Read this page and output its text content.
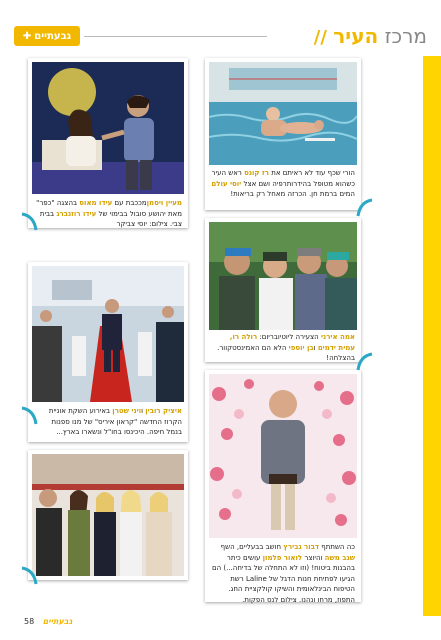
מרכז העיר //
גבעתיים
✚
הורי שכף עוד לא ראיתם את רז קונס ראש העיר כשהוא מטופל בהידרותרפיה ושם אצל יוסי עולם המים ברמת חן. הכרזה מאחל רק בריאות!
מעיין ויסמןמככבת עם עידו מאוס בהצגה "כפר" מאת יהושע סובול בבימוי של עידו רוזנברג בבית צבי. צילום: יוסי צביקר
אמה אירני הצעירה ליוטיובריום: רולה רו, עמית ידמים ובן יוספי הלא הם האמינסטקוור. בהצלחה!
איציק רובין וויני שטרן באירוע השקת אוניית הקרוז החדשה "קראון איריס" של מנו ספנות בנמל חיפה. היכינסו בחו"ל ונשארו בארץ...
כה השתתף דבור גבירץ חושב בבעליים, השף שגב משה והיוצר לואור פלמון עושים כיתר בהבנות ביטוח! (וזו לא התחלה של בדיחה...) הם הגיעו לפתיחת חנות הדגל של Laline רשת הטיפוח הבינלאומית והשיקו קולקציית החג. התפוז, מרחו ונהנו. צילום לנס הפקות.
58 גבעתיים
